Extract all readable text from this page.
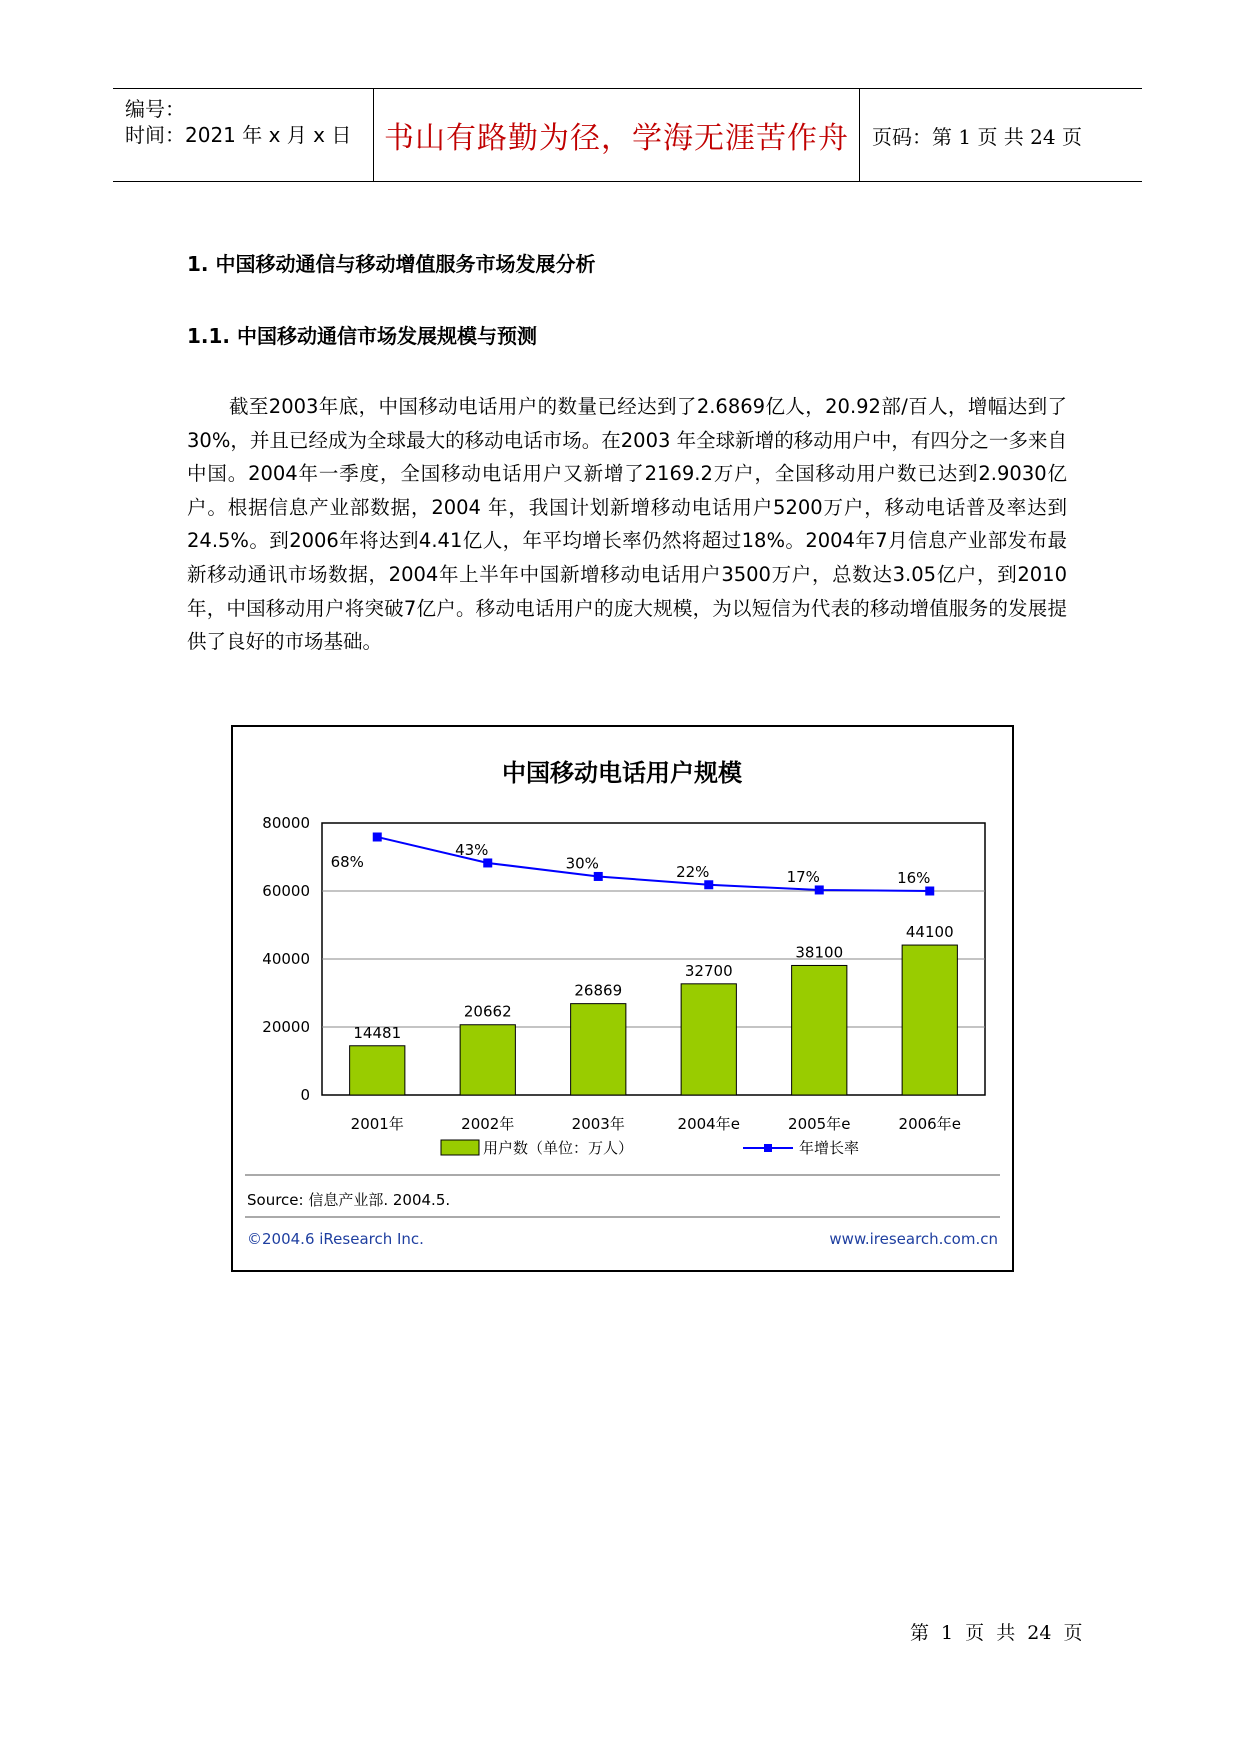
编号：
时间：2021 年 x 月 x 日 书山有路勤为径，学海无涯苦作舟 页码：第 1 页 共 24 页
1. 中国移动通信与移动增值服务市场发展分析
1.1. 中国移动通信市场发展规模与预测
截至2003年底，中国移动电话用户的数量已经达到了2.6869亿人，20.92部/百人，增幅达到了30%，并且已经成为全球最大的移动电话市场。在2003 年全球新增的移动用户中，有四分之一多来自中国。2004年一季度，全国移动电话用户又新增了2169.2万户，全国移动用户数已达到2.9030亿户。根据信息产业部数据，2004 年，我国计划新增移动电话用户5200万户，移动电话普及率达到24.5%。到2006年将达到4.41亿人，年平均增长率仍然将超过18%。2004年7月信息产业部发布最新移动通讯市场数据，2004年上半年中国新增移动电话用户3500万户，总数达3.05亿户，到2010年，中国移动用户将突破7亿户。移动电话用户的庞大规模，为以短信为代表的移动增值服务的发展提供了良好的市场基础。
中国移动电话用户规模
80000
60000
40000
20000
0
14481
20662
26869
32700
38100
44100
68%
43%
30%	22%	17%	16%
2001年	2002年	2003年	2004年e	2005年e	2006年e
用户数（单位：万人）	年增长率
Source: 信息产业部. 2004.5.
©2004.6 iResearch Inc.	www.iresearch.com.cn
第 1 页 共 24 页
